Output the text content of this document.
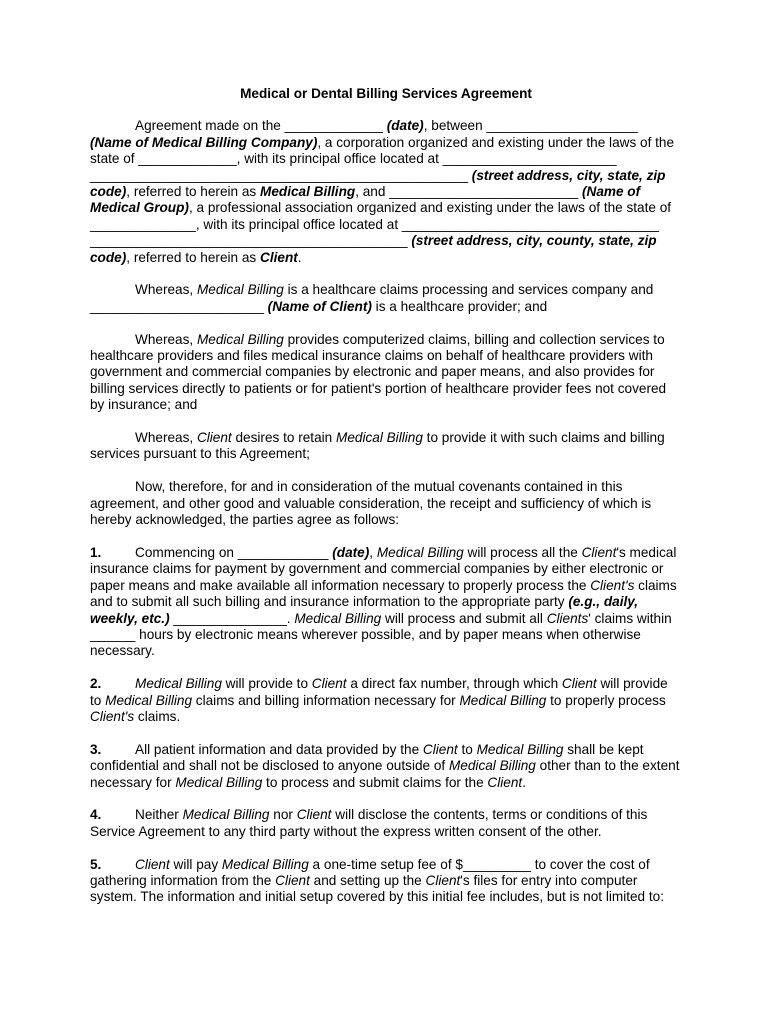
Medical or Dental Billing Services Agreement

Agreement made on the _____________ (date), between ____________________ (Name of Medical Billing Company), a corporation organized and existing under the laws of the state of _____________, with its principal office located at _______________________ __________________________________________________ (street address, city, state, zip code), referred to herein as Medical Billing, and _________________________ (Name of Medical Group), a professional association organized and existing under the laws of the state of ______________, with its principal office located at __________________________________ __________________________________________ (street address, city, county, state, zip code), referred to herein as Client.

Whereas, Medical Billing is a healthcare claims processing and services company and _______________________ (Name of Client) is a healthcare provider; and

Whereas, Medical Billing provides computerized claims, billing and collection services to healthcare providers and files medical insurance claims on behalf of healthcare providers with government and commercial companies by electronic and paper means, and also provides for billing services directly to patients or for patient's portion of healthcare provider fees not covered by insurance; and

Whereas, Client desires to retain Medical Billing to provide it with such claims and billing services pursuant to this Agreement;

Now, therefore, for and in consideration of the mutual covenants contained in this agreement, and other good and valuable consideration, the receipt and sufficiency of which is hereby acknowledged, the parties agree as follows:

1. Commencing on ____________ (date), Medical Billing will process all the Client's medical insurance claims for payment by government and commercial companies by either electronic or paper means and make available all information necessary to properly process the Client's claims and to submit all such billing and insurance information to the appropriate party (e.g., daily, weekly, etc.) _______________. Medical Billing will process and submit all Clients' claims within ______ hours by electronic means wherever possible, and by paper means when otherwise necessary.

2. Medical Billing will provide to Client a direct fax number, through which Client will provide to Medical Billing claims and billing information necessary for Medical Billing to properly process Client's claims.

3. All patient information and data provided by the Client to Medical Billing shall be kept confidential and shall not be disclosed to anyone outside of Medical Billing other than to the extent necessary for Medical Billing to process and submit claims for the Client.

4. Neither Medical Billing nor Client will disclose the contents, terms or conditions of this Service Agreement to any third party without the express written consent of the other.

5. Client will pay Medical Billing a one-time setup fee of $_________ to cover the cost of gathering information from the Client and setting up the Client's files for entry into computer system. The information and initial setup covered by this initial fee includes, but is not limited to:
